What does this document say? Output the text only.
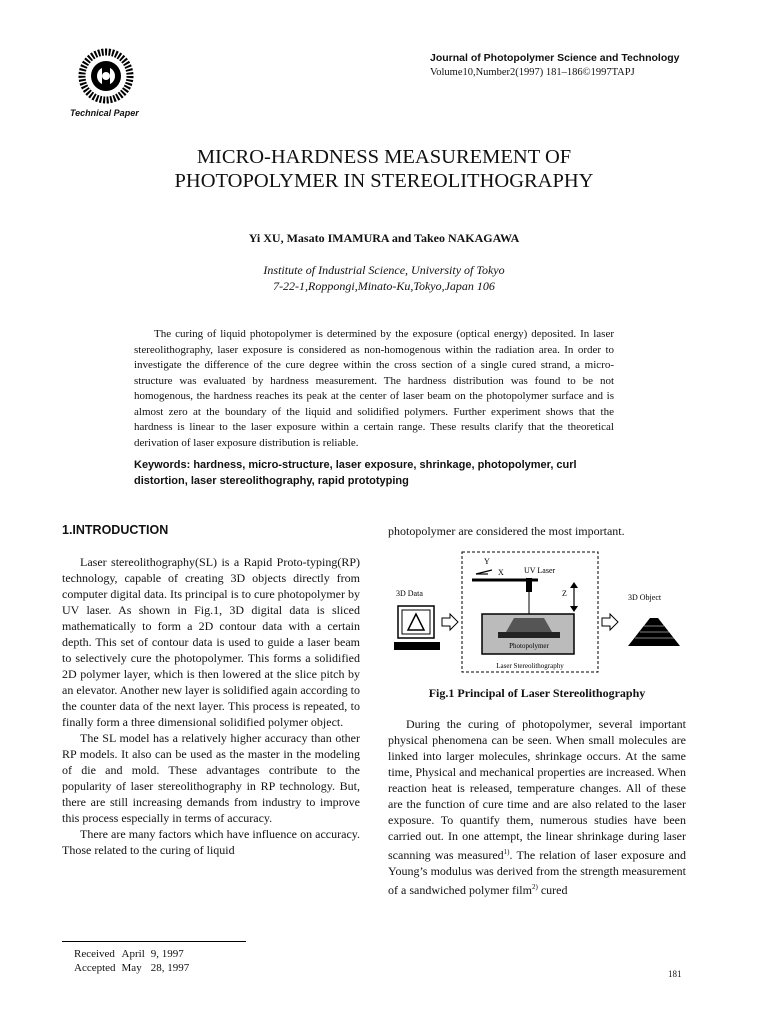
Technical Paper
Journal of Photopolymer Science and Technology
Volume10,Number2(1997) 181–186©1997TAPJ
MICRO-HARDNESS MEASUREMENT OF
PHOTOPOLYMER IN STEREOLITHOGRAPHY
Yi XU, Masato IMAMURA and Takeo NAKAGAWA
Institute of Industrial Science, University of Tokyo
7-22-1,Roppongi,Minato-Ku,Tokyo,Japan 106
The curing of liquid photopolymer is determined by the exposure (optical energy) deposited. In laser stereolithography, laser exposure is considered as non-homogenous within the radiation area. In order to investigate the difference of the cure degree within the cross section of a single cured strand, a micro-structure was evaluated by hardness measurement. The hardness distribution was found to be not homogenous, the hardness reaches its peak at the center of laser beam on the photopolymer surface and is almost zero at the boundary of the liquid and solidified polymers. Further experiment shows that the hardness is linear to the laser exposure within a certain range. These results clarify that the theoretical derivation of laser exposure distribution is reliable.
Keywords: hardness, micro-structure, laser exposure, shrinkage, photopolymer, curl distortion, laser stereolithography, rapid prototyping
1.INTRODUCTION

Laser stereolithography(SL) is a Rapid Proto-typing(RP) technology, capable of creating 3D objects directly from computer digital data. Its principal is to cure photopolymer by UV laser. As shown in Fig.1, 3D digital data is sliced mathematically to form a 2D contour data with a certain depth. This set of contour data is used to guide a laser beam to selectively cure the photopolymer. This forms a solidified 2D polymer layer, which is then lowered at the slice pitch by an elevator. Another new layer is solidified again according to the counter data of the next layer. This process is repeated, to finally form a three dimensional solidified polymer object.

The SL model has a relatively higher accuracy than other RP models. It also can be used as the master in the modeling of die and mold. These advantages contribute to the popularity of laser stereolithography in RP technology. But, there are still increasing demands from industry to improve this process especially in terms of accuracy.

There are many factors which have influence on accuracy. Those related to the curing of liquid

photopolymer are considered the most important.
3D Data
Y
X	UV Laser
Z
Photopolymer
Laser Stereolithography
3D Object
Fig.1 Principal of Laser Stereolithography

During the curing of photopolymer, several important physical phenomena can be seen. When small molecules are linked into larger molecules, shrinkage occurs. At the same time, Physical and mechanical properties are increased. When reaction heat is released, temperature changes. All of these are the function of cure time and are also related to the laser exposure. To quantify them, numerous studies have been carried out. In one attempt, the linear shrinkage during laser scanning was measured$^{1)}$. The relation of laser exposure and Young’s modulus was derived from the strength measurement of a sandwiched polymer film$^{2)}$ cured

Received	April	9, 1997
Accepted	May	28, 1997	181
